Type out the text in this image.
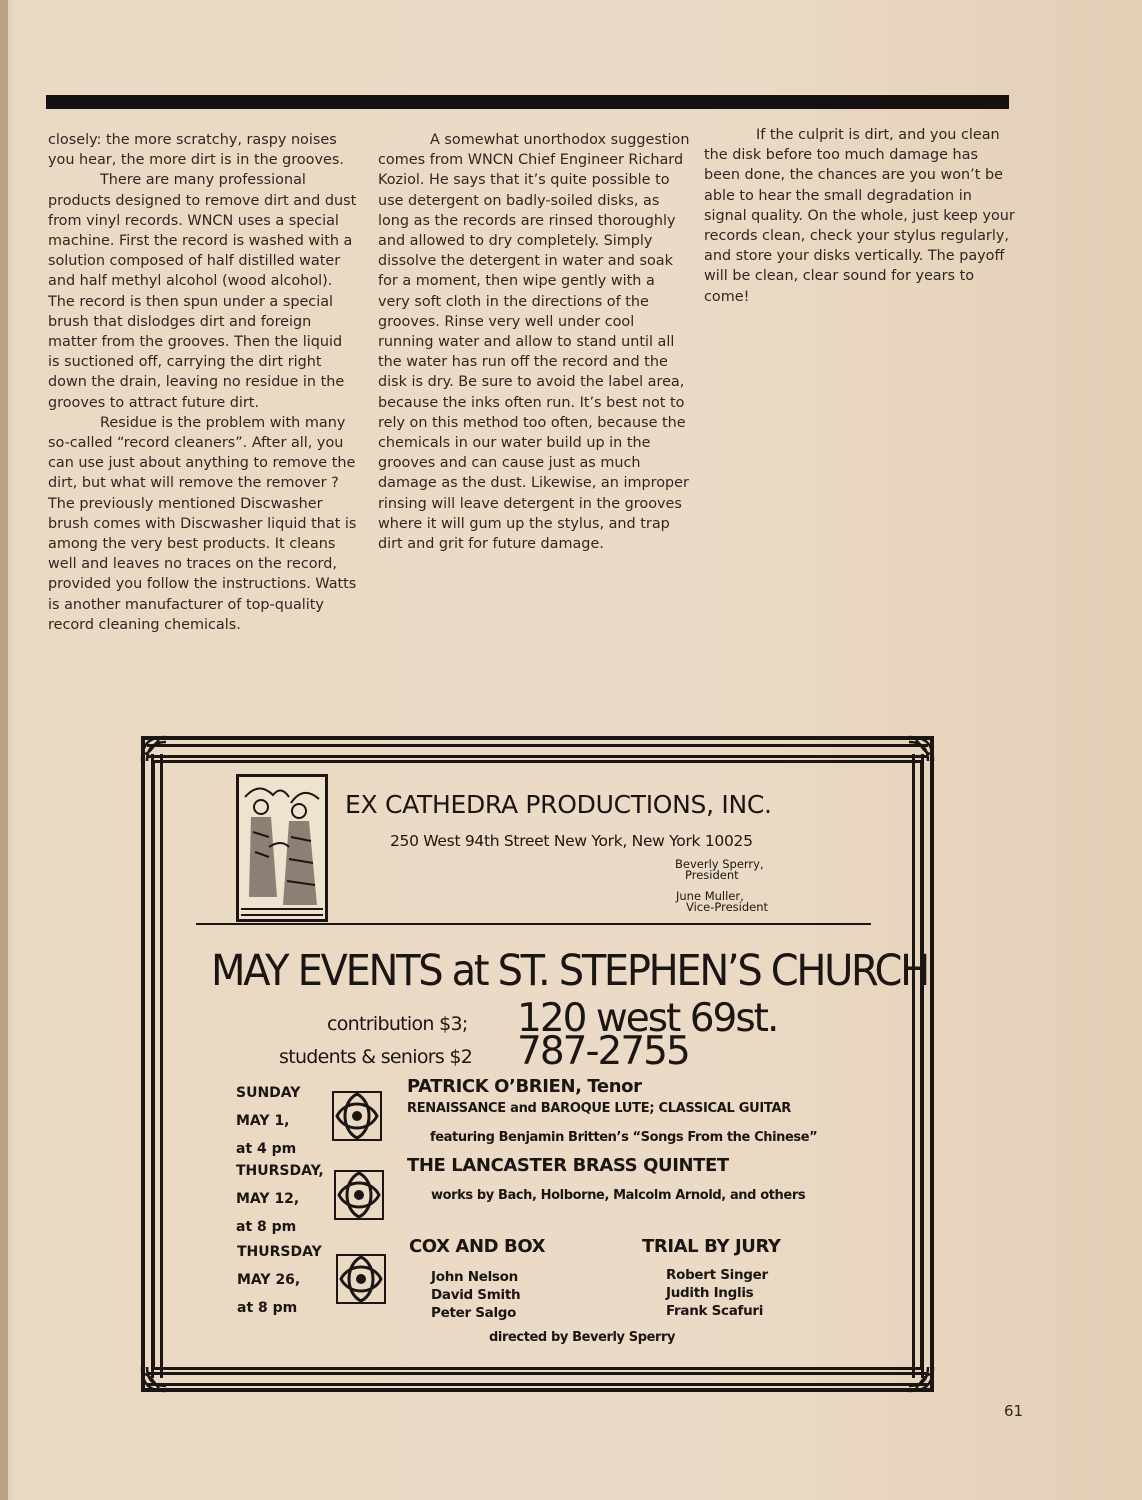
closely: the more scratchy, raspy noises you hear, the more dirt is in the grooves.

There are many professional products designed to remove dirt and dust from vinyl records. WNCN uses a special machine. First the record is washed with a solution composed of half distilled water and half methyl alcohol (wood alcohol). The record is then spun under a special brush that dislodges dirt and foreign matter from the grooves. Then the liquid is suctioned off, carrying the dirt right down the drain, leaving no residue in the grooves to attract future dirt.

Residue is the problem with many so-called “record cleaners”. After all, you can use just about anything to remove the dirt, but what will remove the remover ? The previously mentioned Discwasher brush comes with Discwasher liquid that is among the very best products. It cleans well and leaves no traces on the record, provided you follow the instructions. Watts is another manufacturer of top-quality record cleaning chemicals.

A somewhat unorthodox suggestion comes from WNCN Chief Engineer Richard Koziol. He says that it’s quite possible to use detergent on badly-soiled disks, as long as the records are rinsed thoroughly and allowed to dry completely. Simply dissolve the detergent in water and soak for a moment, then wipe gently with a very soft cloth in the directions of the grooves. Rinse very well under cool running water and allow to stand until all the water has run off the record and the disk is dry. Be sure to avoid the label area, because the inks often run. It’s best not to rely on this method too often, because the chemicals in our water build up in the grooves and can cause just as much damage as the dust. Likewise, an improper rinsing will leave detergent in the grooves where it will gum up the stylus, and trap dirt and grit for future damage.

If the culprit is dirt, and you clean the disk before too much damage has been done, the chances are you won’t be able to hear the small degradation in signal quality. On the whole, just keep your records clean, check your stylus regularly, and store your disks vertically. The payoff will be clean, clear sound for years to come!

EX CATHEDRA PRODUCTIONS, INC.
250 West 94th Street New York, New York 10025
Beverly Sperry,
President
June Muller,
Vice-President
MAY EVENTS at ST. STEPHEN’S CHURCH
contribution $3;
students & seniors $2
120 west 69st.
787-2755
SUNDAY
MAY 1,
at 4 pm
PATRICK O’BRIEN, Tenor
RENAISSANCE and BAROQUE LUTE; CLASSICAL GUITAR
featuring Benjamin Britten’s “Songs From the Chinese”
THURSDAY,
MAY 12,
at 8 pm
THE LANCASTER BRASS QUINTET
works by Bach, Holborne, Malcolm Arnold, and others
THURSDAY
MAY 26,
at 8 pm
COX AND BOX	TRIAL BY JURY
John Nelson
David Smith
Peter Salgo
Robert Singer
Judith Inglis
Frank Scafuri
directed by Beverly Sperry
61
